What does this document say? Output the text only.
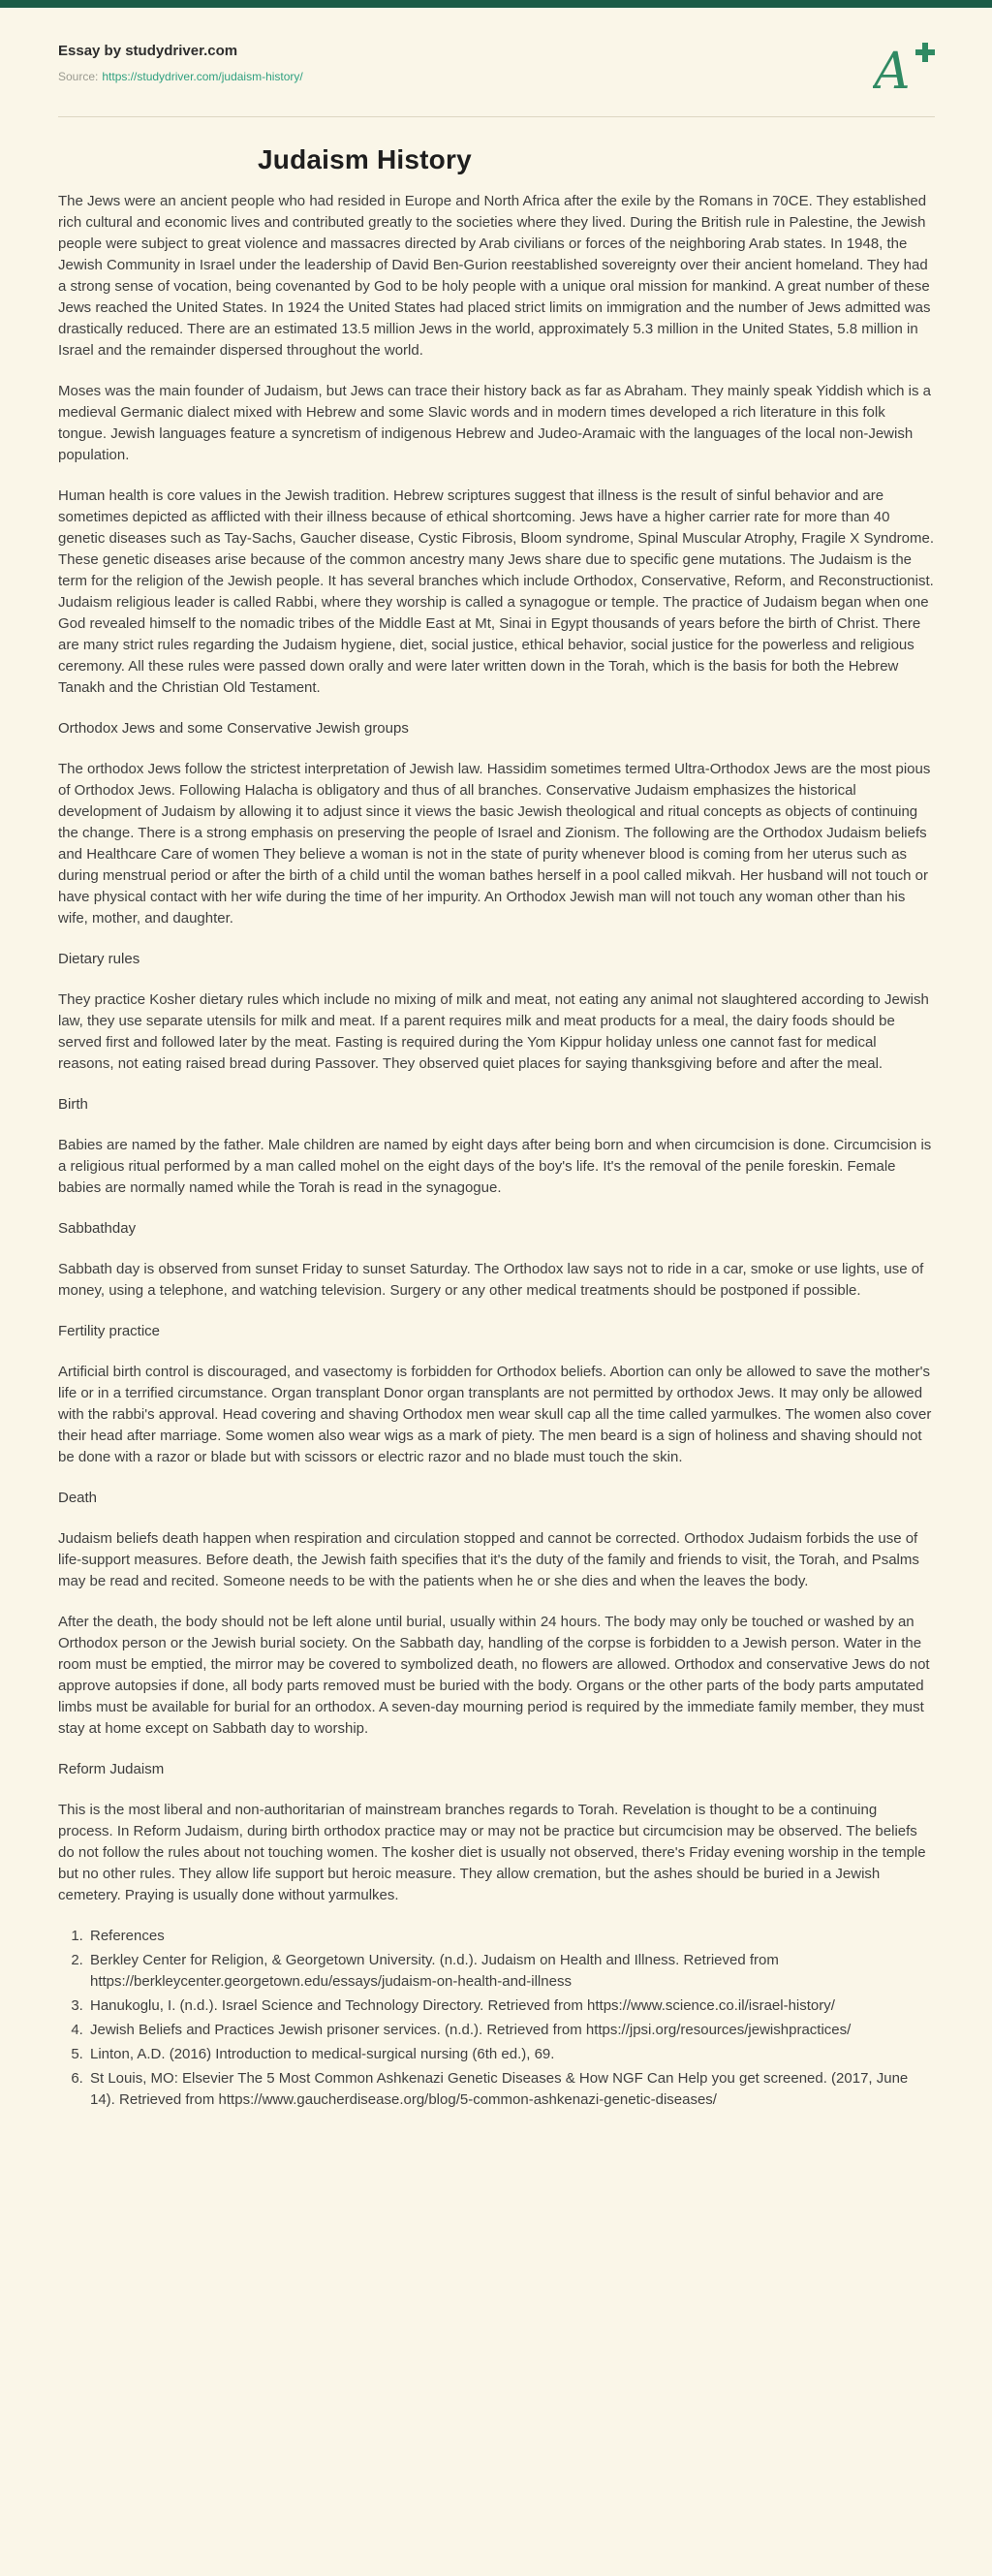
Essay by studydriver.com
Source: https://studydriver.com/judaism-history/	A
Judaism History

The Jews were an ancient people who had resided in Europe and North Africa after the exile by the Romans in 70CE. They established rich cultural and economic lives and contributed greatly to the societies where they lived. During the British rule in Palestine, the Jewish people were subject to great violence and massacres directed by Arab civilians or forces of the neighboring Arab states. In 1948, the Jewish Community in Israel under the leadership of David Ben-Gurion reestablished sovereignty over their ancient homeland. They had a strong sense of vocation, being covenanted by God to be holy people with a unique oral mission for mankind. A great number of these Jews reached the United States. In 1924 the United States had placed strict limits on immigration and the number of Jews admitted was drastically reduced. There are an estimated 13.5 million Jews in the world, approximately 5.3 million in the United States, 5.8 million in Israel and the remainder dispersed throughout the world.

Moses was the main founder of Judaism, but Jews can trace their history back as far as Abraham. They mainly speak Yiddish which is a medieval Germanic dialect mixed with Hebrew and some Slavic words and in modern times developed a rich literature in this folk tongue. Jewish languages feature a syncretism of indigenous Hebrew and Judeo-Aramaic with the languages of the local non-Jewish population.

Human health is core values in the Jewish tradition. Hebrew scriptures suggest that illness is the result of sinful behavior and are sometimes depicted as afflicted with their illness because of ethical shortcoming. Jews have a higher carrier rate for more than 40 genetic diseases such as Tay-Sachs, Gaucher disease, Cystic Fibrosis, Bloom syndrome, Spinal Muscular Atrophy, Fragile X Syndrome. These genetic diseases arise because of the common ancestry many Jews share due to specific gene mutations. The Judaism is the term for the religion of the Jewish people. It has several branches which include Orthodox, Conservative, Reform, and Reconstructionist. Judaism religious leader is called Rabbi, where they worship is called a synagogue or temple. The practice of Judaism began when one God revealed himself to the nomadic tribes of the Middle East at Mt, Sinai in Egypt thousands of years before the birth of Christ. There are many strict rules regarding the Judaism hygiene, diet, social justice, ethical behavior, social justice for the powerless and religious ceremony. All these rules were passed down orally and were later written down in the Torah, which is the basis for both the Hebrew Tanakh and the Christian Old Testament.

Orthodox Jews and some Conservative Jewish groups

The orthodox Jews follow the strictest interpretation of Jewish law. Hassidim sometimes termed Ultra-Orthodox Jews are the most pious of Orthodox Jews. Following Halacha is obligatory and thus of all branches. Conservative Judaism emphasizes the historical development of Judaism by allowing it to adjust since it views the basic Jewish theological and ritual concepts as objects of continuing the change. There is a strong emphasis on preserving the people of Israel and Zionism. The following are the Orthodox Judaism beliefs and Healthcare Care of women They believe a woman is not in the state of purity whenever blood is coming from her uterus such as during menstrual period or after the birth of a child until the woman bathes herself in a pool called mikvah. Her husband will not touch or have physical contact with her wife during the time of her impurity. An Orthodox Jewish man will not touch any woman other than his wife, mother, and daughter.

Dietary rules

They practice Kosher dietary rules which include no mixing of milk and meat, not eating any animal not slaughtered according to Jewish law, they use separate utensils for milk and meat. If a parent requires milk and meat products for a meal, the dairy foods should be served first and followed later by the meat. Fasting is required during the Yom Kippur holiday unless one cannot fast for medical reasons, not eating raised bread during Passover. They observed quiet places for saying thanksgiving before and after the meal.

Birth

Babies are named by the father. Male children are named by eight days after being born and when circumcision is done. Circumcision is a religious ritual performed by a man called mohel on the eight days of the boy's life. It's the removal of the penile foreskin. Female babies are normally named while the Torah is read in the synagogue.

Sabbathday

Sabbath day is observed from sunset Friday to sunset Saturday. The Orthodox law says not to ride in a car, smoke or use lights, use of money, using a telephone, and watching television. Surgery or any other medical treatments should be postponed if possible.

Fertility practice

Artificial birth control is discouraged, and vasectomy is forbidden for Orthodox beliefs. Abortion can only be allowed to save the mother's life or in a terrified circumstance. Organ transplant Donor organ transplants are not permitted by orthodox Jews. It may only be allowed with the rabbi's approval. Head covering and shaving Orthodox men wear skull cap all the time called yarmulkes. The women also cover their head after marriage. Some women also wear wigs as a mark of piety. The men beard is a sign of holiness and shaving should not be done with a razor or blade but with scissors or electric razor and no blade must touch the skin.

Death

Judaism beliefs death happen when respiration and circulation stopped and cannot be corrected. Orthodox Judaism forbids the use of life-support measures. Before death, the Jewish faith specifies that it's the duty of the family and friends to visit, the Torah, and Psalms may be read and recited. Someone needs to be with the patients when he or she dies and when the leaves the body.

After the death, the body should not be left alone until burial, usually within 24 hours. The body may only be touched or washed by an Orthodox person or the Jewish burial society. On the Sabbath day, handling of the corpse is forbidden to a Jewish person. Water in the room must be emptied, the mirror may be covered to symbolized death, no flowers are allowed. Orthodox and conservative Jews do not approve autopsies if done, all body parts removed must be buried with the body. Organs or the other parts of the body parts amputated limbs must be available for burial for an orthodox. A seven-day mourning period is required by the immediate family member, they must stay at home except on Sabbath day to worship.

Reform Judaism

This is the most liberal and non-authoritarian of mainstream branches regards to Torah. Revelation is thought to be a continuing process. In Reform Judaism, during birth orthodox practice may or may not be practice but circumcision may be observed. The beliefs do not follow the rules about not touching women. The kosher diet is usually not observed, there's Friday evening worship in the temple but no other rules. They allow life support but heroic measure. They allow cremation, but the ashes should be buried in a Jewish cemetery. Praying is usually done without yarmulkes.

1. References
2. Berkley Center for Religion, & Georgetown University. (n.d.). Judaism on Health and Illness. Retrieved from https://berkleycenter.georgetown.edu/essays/judaism-on-health-and-illness
3. Hanukoglu, I. (n.d.). Israel Science and Technology Directory. Retrieved from https://www.science.co.il/israel-history/
4. Jewish Beliefs and Practices Jewish prisoner services. (n.d.). Retrieved from https://jpsi.org/resources/jewishpractices/
5. Linton, A.D. (2016) Introduction to medical-surgical nursing (6th ed.), 69.
6. St Louis, MO: Elsevier The 5 Most Common Ashkenazi Genetic Diseases & How NGF Can Help you get screened. (2017, June 14). Retrieved from https://www.gaucherdisease.org/blog/5-common-ashkenazi-genetic-diseases/
